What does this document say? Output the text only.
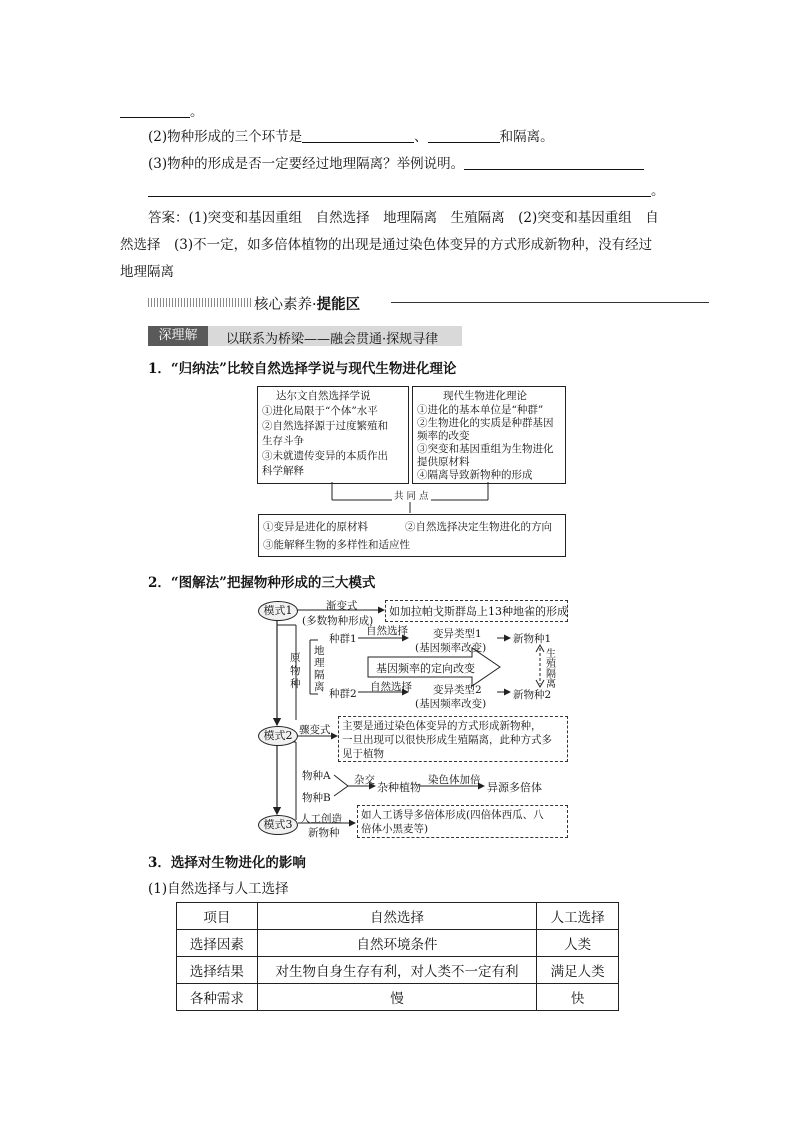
。
(2)物种形成的三个环节是	、	和隔离。
(3)物种的形成是否一定要经过地理隔离？举例说明。
。
答案：(1)突变和基因重组　自然选择　地理隔离　生殖隔离　(2)突变和基因重组　自
然选择　(3)不一定，如多倍体植物的出现是通过染色体变异的方式形成新物种，没有经过
地理隔离
核心素养·提能区
深理解	以联系为桥梁——融会贯通·探规寻律
1．“归纳法”比较自然选择学说与现代生物进化理论
达尔文自然选择学说
①进化局限于“个体”水平
②自然选择源于过度繁殖和
生存斗争
③未就遗传变异的本质作出
科学解释
现代生物进化理论
①进化的基本单位是“种群”
②生物进化的实质是种群基因
频率的改变
③突变和基因重组为生物进化
提供原材料
④隔离导致新物种的形成
共 同 点
①变异是进化的原材料	②自然选择决定生物进化的方向
③能解释生物的多样性和适应性
2．“图解法”把握物种形成的三大模式
模式1
模式2
模式3
渐变式
(多数物种形成)
如加拉帕戈斯群岛上13种地雀的形成
原物种
地理隔离
种群1
种群2
自然选择
自然选择
变异类型1
(基因频率改变)
变异类型2
(基因频率改变)
基因频率的定向改变
新物种1
新物种2
生殖隔离
骤变式 主要是通过染色体变异的方式形成新物种，
一旦出现可以很快形成生殖隔离，此种方式多
见于植物
物种A
物种B
杂交
杂种植物
染色体加倍
异源多倍体
人工创造
新物种
如人工诱导多倍体形成(四倍体西瓜、八
倍体小黑麦等)
3．选择对生物进化的影响
(1)自然选择与人工选择
项目	自然选择	人工选择
选择因素	自然环境条件	人类
选择结果	对生物自身生存有利，对人类不一定有利	满足人类
各种需求	慢	快
